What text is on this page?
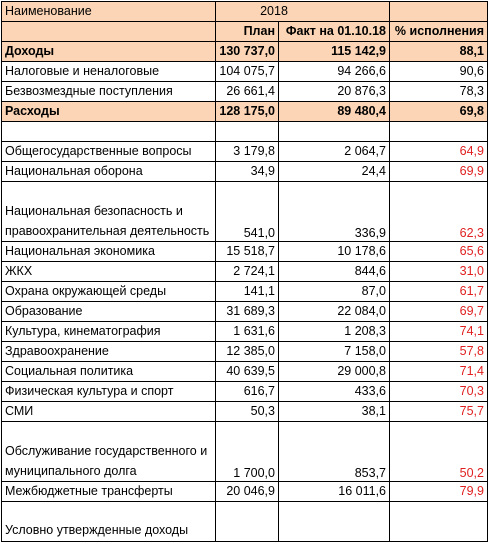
Наименование	2018		
	План	Факт на 01.10.18	% исполнения
Доходы	130 737,0	115 142,9	88,1
Налоговые и неналоговые	104 075,7	94 266,6	90,6
Безвозмездные поступления	26 661,4	20 876,3	78,3
Расходы	128 175,0	89 480,4	69,8

Общегосударственные вопросы	3 179,8	2 064,7	64,9
Национальная оборона	34,9	24,4	69,9
Национальная безопасность и правоохранительная деятельность	541,0	336,9	62,3
Национальная экономика	15 518,7	10 178,6	65,6
ЖКХ	2 724,1	844,6	31,0
Охрана окружающей среды	141,1	87,0	61,7
Образование	31 689,3	22 084,0	69,7
Культура, кинематография	1 631,6	1 208,3	74,1
Здравоохранение	12 385,0	7 158,0	57,8
Социальная политика	40 639,5	29 000,8	71,4
Физическая культура и спорт	616,7	433,6	70,3
СМИ	50,3	38,1	75,7
Обслуживание государственного и муниципального долга	1 700,0	853,7	50,2
Межбюджетные трансферты	20 046,9	16 011,6	79,9
Условно утвержденные доходы			
